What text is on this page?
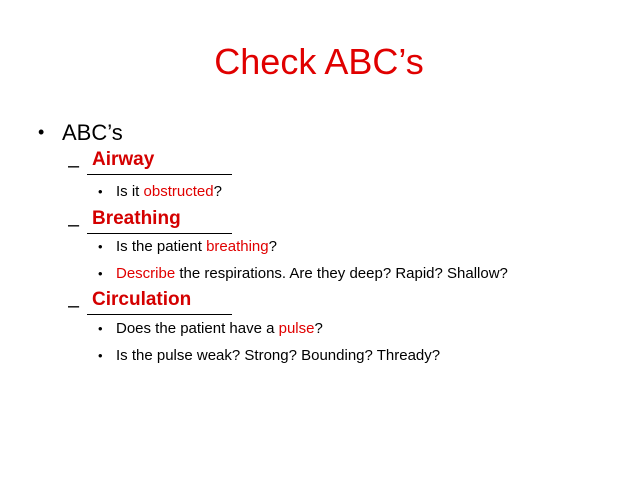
Check ABC’s
• ABC’s
– Airway
• Is it obstructed?
– Breathing
• Is the patient breathing?
• Describe the respirations. Are they deep? Rapid? Shallow?
– Circulation
• Does the patient have a pulse?
• Is the pulse weak? Strong? Bounding? Thready?
